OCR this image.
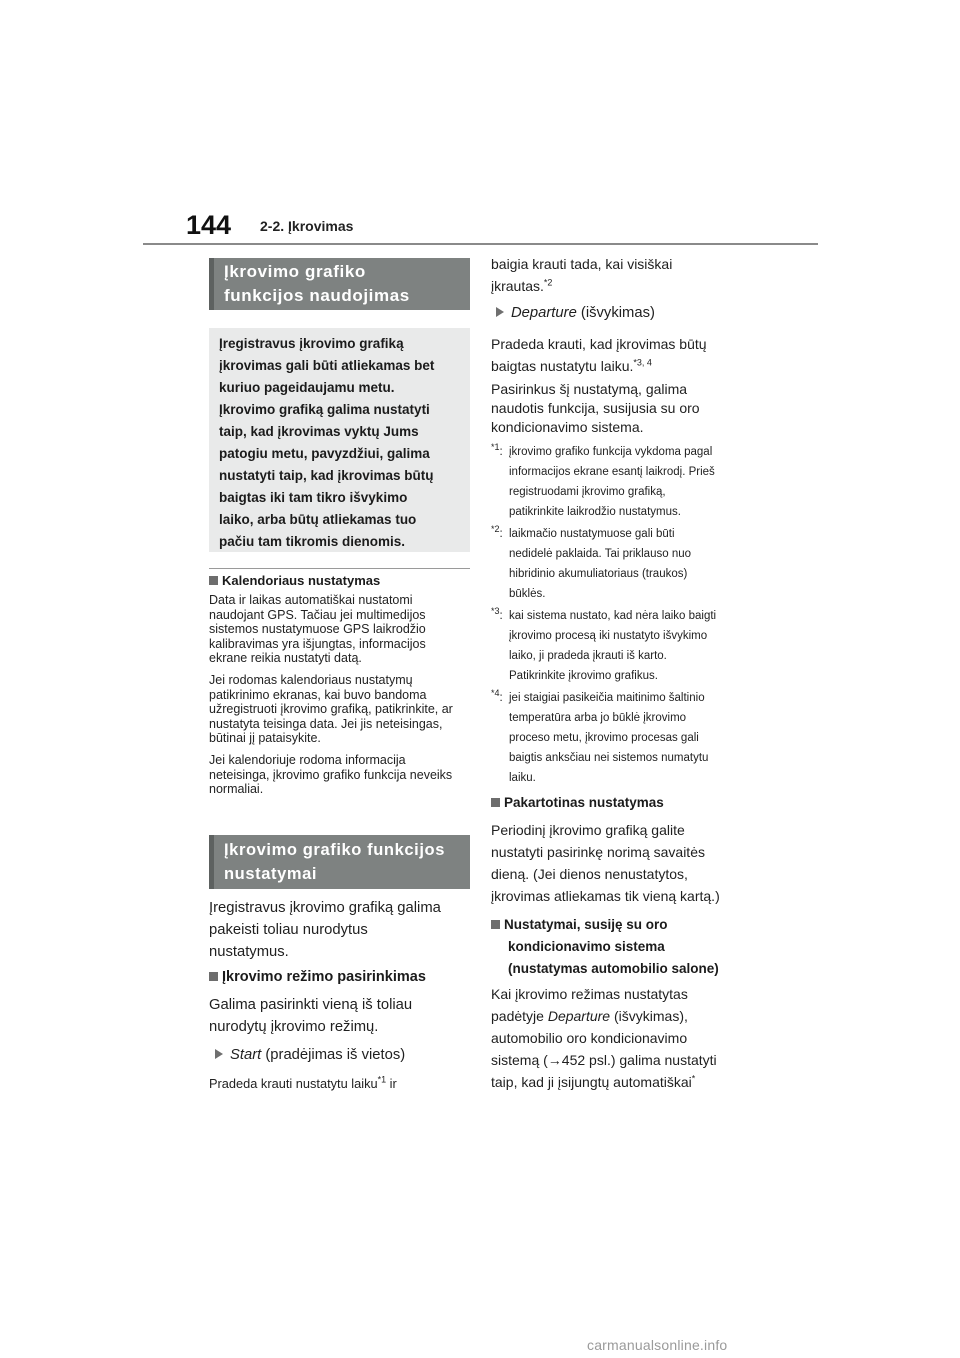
144 2-2. Įkrovimas
Įkrovimo grafiko
funkcijos naudojimas
Įregistravus įkrovimo grafiką
įkrovimas gali būti atliekamas bet
kuriuo pageidaujamu metu.
Įkrovimo grafiką galima nustatyti
taip, kad įkrovimas vyktų Jums
patogiu metu, pavyzdžiui, galima
nustatyti taip, kad įkrovimas būtų
baigtas iki tam tikro išvykimo
laiko, arba būtų atliekamas tuo
pačiu tam tikromis dienomis.
Kalendoriaus nustatymas

Data ir laikas automatiškai nustatomi naudojant GPS. Tačiau jei multimedijos sistemos nustatymuose GPS laikrodžio kalibravimas yra išjungtas, informacijos ekrane reikia nustatyti datą.

Jei rodomas kalendoriaus nustatymų patikrinimo ekranas, kai buvo bandoma užregistruoti įkrovimo grafiką, patikrinkite, ar nustatyta teisinga data. Jei jis neteisingas, būtinai jį pataisykite.

Jei kalendoriuje rodoma informacija neteisinga, įkrovimo grafiko funkcija neveiks normaliai.

Įkrovimo grafiko funkcijos
nustatymai

Įregistravus įkrovimo grafiką galima

pakeisti toliau nurodytus

nustatymus.

Įkrovimo režimo pasirinkimas

Galima pasirinkti vieną iš toliau

nurodytų įkrovimo režimų.

Start (pradėjimas iš vietos)
Pradeda krauti nustatytu laiku$^{*1}$ ir

baigia krauti tada, kai visiškai

įkrautas.$^{*2}$

Departure (išvykimas)

Pradeda krauti, kad įkrovimas būtų

baigtas nustatytu laiku.$^{*3, 4}$

Pasirinkus šį nustatymą, galima
naudotis funkcija, susijusia su oro
kondicionavimo sistema.
$^{*1}$: įkrovimo grafiko funkcija vykdoma pagal
informacijos ekrane esantį laikrodį. Prieš
registruodami įkrovimo grafiką,
patikrinkite laikrodžio nustatymus.
$^{*2}$: laikmačio nustatymuose gali būti
nedidelė paklaida. Tai priklauso nuo
hibridinio akumuliatoriaus (traukos)
būklės.
$^{*3}$: kai sistema nustato, kad nėra laiko baigti
įkrovimo procesą iki nustatyto išvykimo
laiko, ji pradeda įkrauti iš karto.
Patikrinkite įkrovimo grafikus.
$^{*4}$: jei staigiai pasikeičia maitinimo šaltinio
temperatūra arba jo būklė įkrovimo
proceso metu, įkrovimo procesas gali
baigtis anksčiau nei sistemos numatytu
laiku.
Pakartotinas nustatymas

Periodinį įkrovimo grafiką galite

nustatyti pasirinkę norimą savaitės

dieną. (Jei dienos nenustatytos,

įkrovimas atliekamas tik vieną kartą.)

Nustatymai, susiję su oro
kondicionavimo sistema
(nustatymas automobilio salone)

Kai įkrovimo režimas nustatytas

padėtyje Departure (išvykimas),

automobilio oro kondicionavimo

sistemą (→452 psl.) galima nustatyti

taip, kad ji įsijungtų automatiškai*

carmanualsonline.info
